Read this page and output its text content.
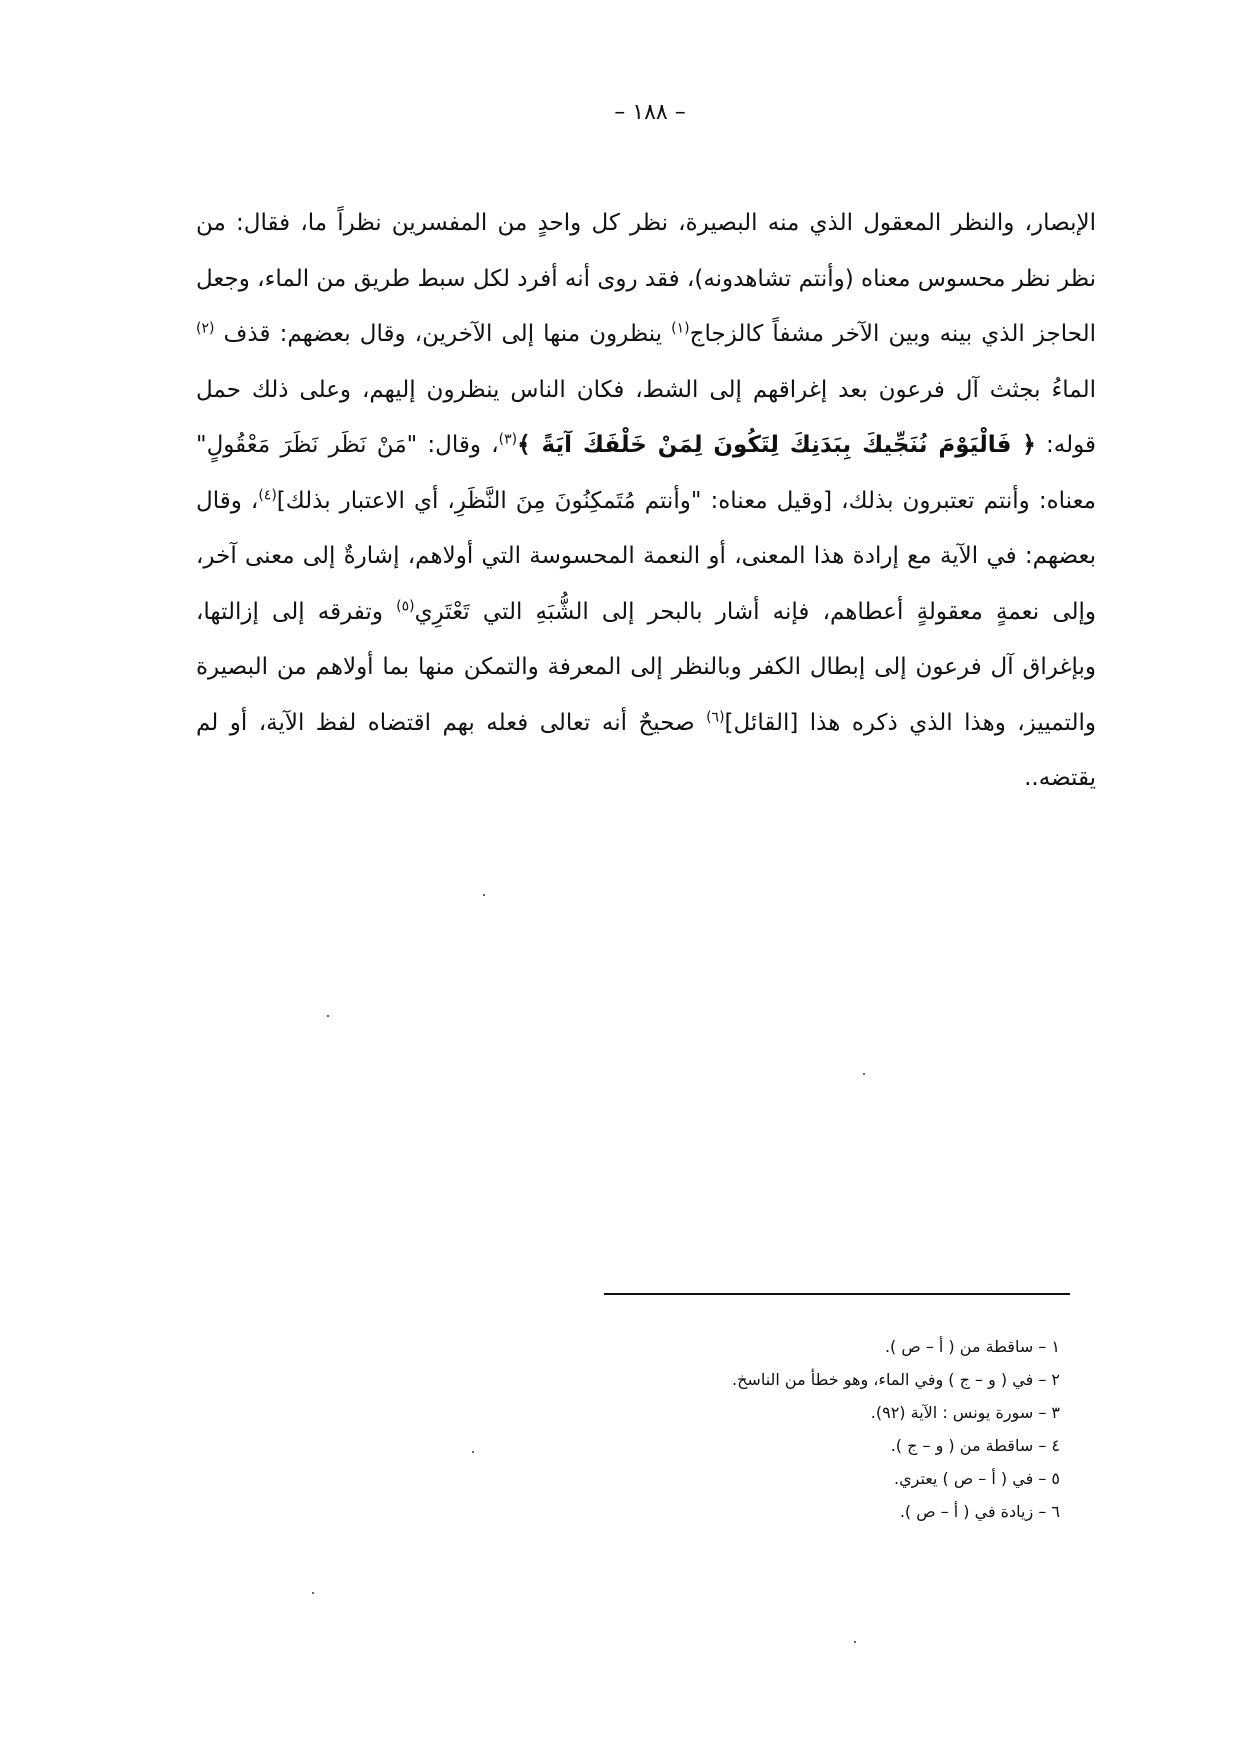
– ١٨٨ –

الإبصار، والنظر المعقول الذي منه البصيرة، نظر كل واحدٍ من المفسرين نظراً ما، فقال: من نظر نظر محسوس معناه (وأنتم تشاهدونه)، فقد روى أنه أفرد لكل سبط طريق من الماء، وجعل الحاجز الذي بينه وبين الآخر مشفاً كالزجاج$^{(١)}$ ينظرون منها إلى الآخرين، وقال بعضهم: قذف $^{(٢)}$ الماءُ بجثث آل فرعون بعد إغراقهم إلى الشط، فكان الناس ينظرون إليهم، وعلى ذلك حمل قوله: ﴿ فَالْيَوْمَ نُنَجِّيكَ بِبَدَنِكَ لِتَكُونَ لِمَنْ خَلْفَكَ آيَةً ﴾$^{(٣)}$، وقال: "مَنْ نَظَر نَظَرَ مَعْقُولٍ" معناه: وأنتم تعتبرون بذلك، [وقيل معناه: "وأنتم مُتَمكِنُونَ مِنَ النَّظَرِ، أي الاعتبار بذلك]$^{(٤)}$، وقال بعضهم: في الآية مع إرادة هذا المعنى، أو النعمة المحسوسة التي أولاهم، إشارةٌ إلى معنى آخر، وإلى نعمةٍ معقولةٍ أعطاهم، فإنه أشار بالبحر إلى الشُّبَهِ التي تَعْتَرِي$^{(٥)}$ وتفرقه إلى إزالتها، وبإغراق آل فرعون إلى إبطال الكفر وبالنظر إلى المعرفة والتمكن منها بما أولاهم من البصيرة والتمييز، وهذا الذي ذكره هذا [القائل]$^{(٦)}$ صحيحٌ أنه تعالى فعله بهم اقتضاه لفظ الآية، أو لم يقتضه..

١ – ساقطة من ( أ – ص ).
٢ – في ( و – ج ) وفي الماء، وهو خطأ من الناسخ.
٣ – سورة يونس : الآية (٩٢).
٤ – ساقطة من ( و – ج ).
٥ – في ( أ – ص ) يعتري.
٦ – زيادة في ( أ – ص ).
